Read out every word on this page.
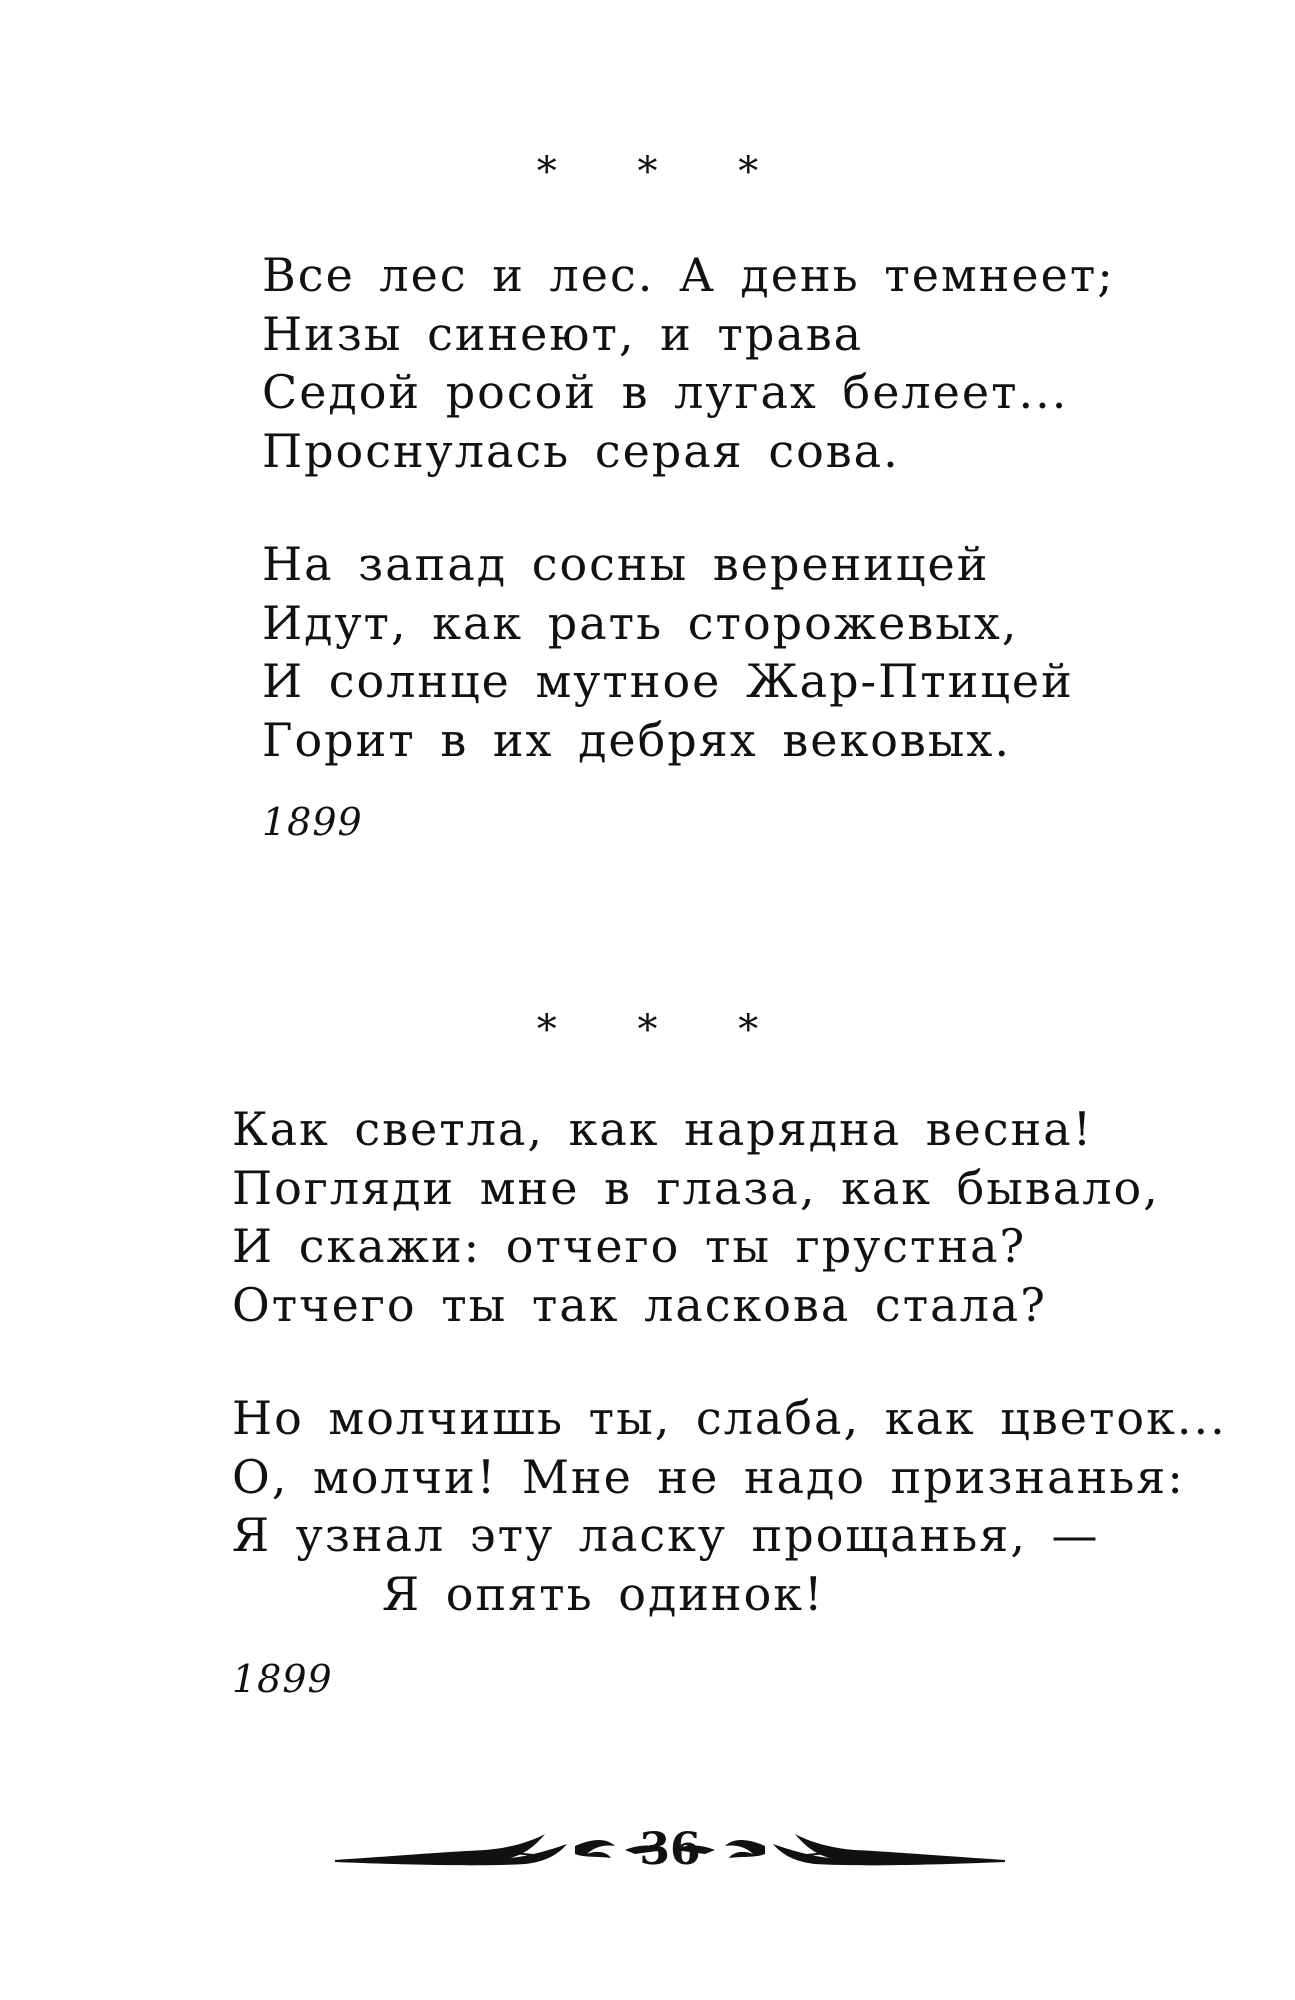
* * *
Все лес и лес. А день темнеет;
Низы синеют, и трава
Седой росой в лугах белеет...
Проснулась серая сова.
На запад сосны вереницей
Идут, как рать сторожевых,
И солнце мутное Жар-Птицей
Горит в их дебрях вековых.
1899
* * *
Как светла, как нарядна весна!
Погляди мне в глаза, как бывало,
И скажи: отчего ты грустна?
Отчего ты так ласкова стала?
Но молчишь ты, слаба, как цветок...
О, молчи! Мне не надо признанья:
Я узнал эту ласку прощанья, —
Я опять одинок!
1899
36
